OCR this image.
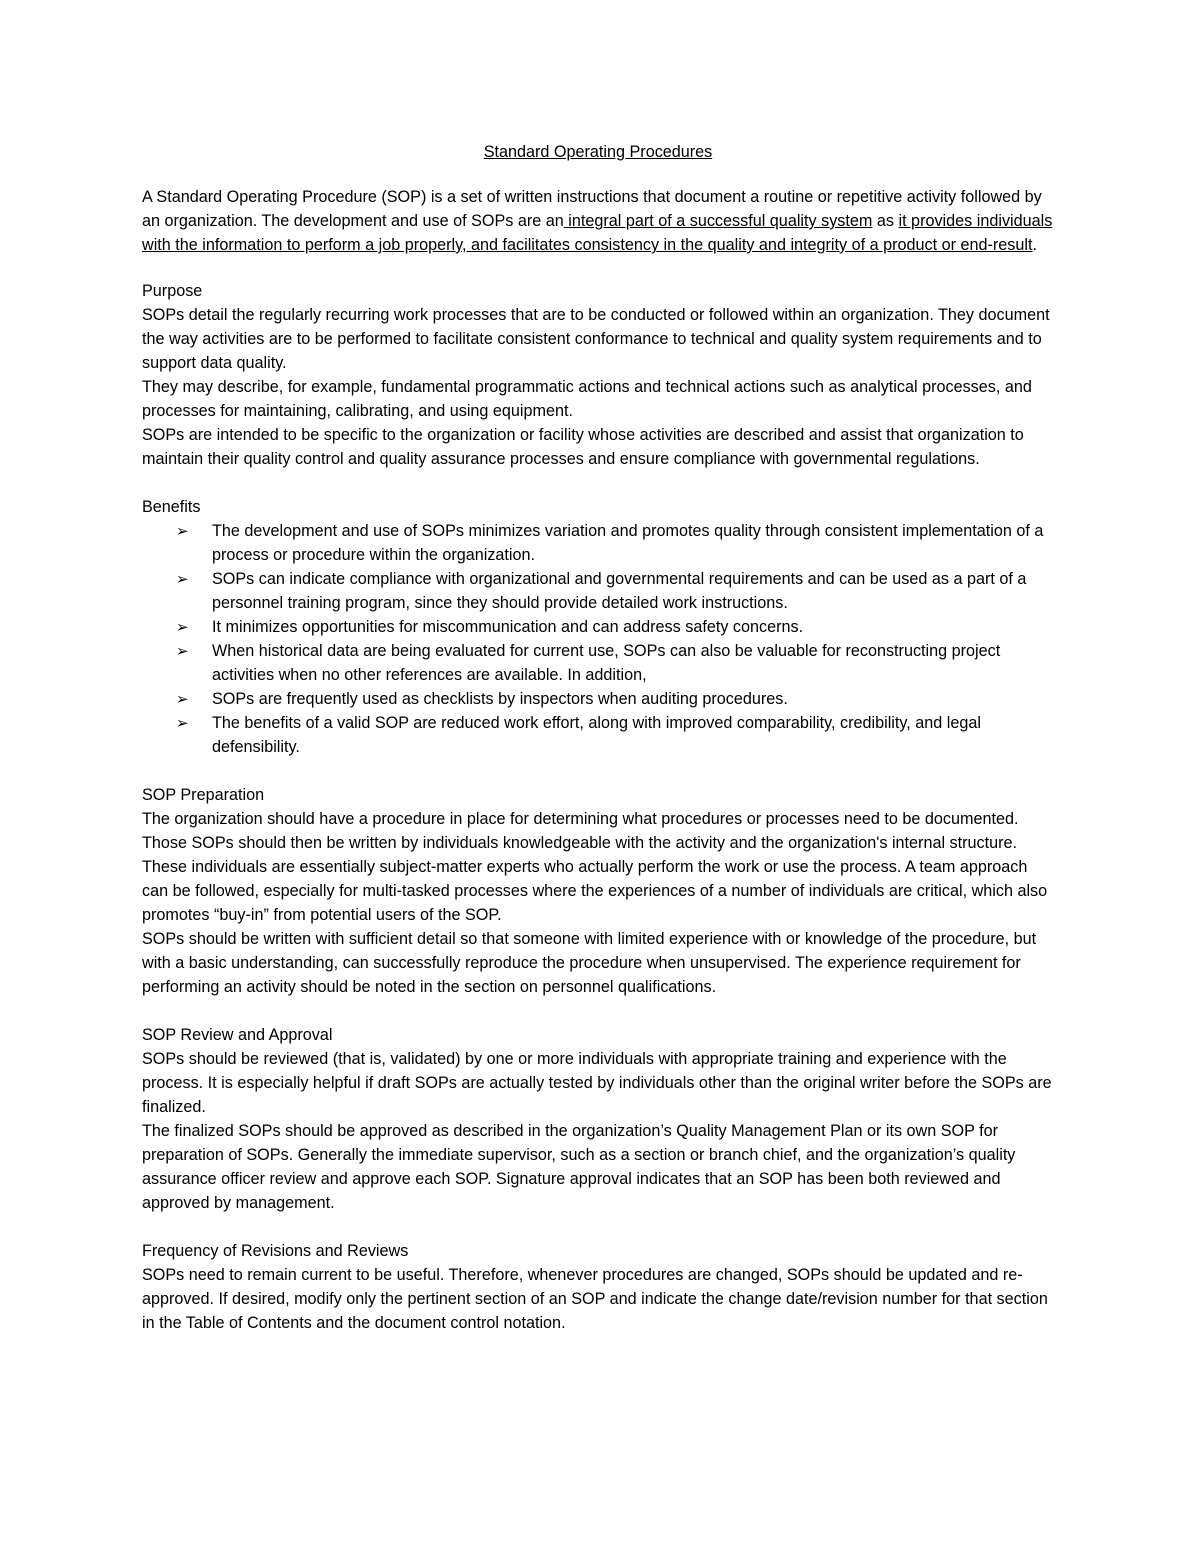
Standard Operating Procedures

A Standard Operating Procedure (SOP) is a set of written instructions that document a routine or repetitive activity followed by an organization. The development and use of SOPs are an integral part of a successful quality system as it provides individuals with the information to perform a job properly, and facilitates consistency in the quality and integrity of a product or end-result.

Purpose

SOPs detail the regularly recurring work processes that are to be conducted or followed within an organization. They document the way activities are to be performed to facilitate consistent conformance to technical and quality system requirements and to support data quality.

They may describe, for example, fundamental programmatic actions and technical actions such as analytical processes, and processes for maintaining, calibrating, and using equipment.

SOPs are intended to be specific to the organization or facility whose activities are described and assist that organization to maintain their quality control and quality assurance processes and ensure compliance with governmental regulations.

Benefits
➢ The development and use of SOPs minimizes variation and promotes quality through consistent implementation of a process or procedure within the organization.
➢ SOPs can indicate compliance with organizational and governmental requirements and can be used as a part of a personnel training program, since they should provide detailed work instructions.
➢ It minimizes opportunities for miscommunication and can address safety concerns.
➢ When historical data are being evaluated for current use, SOPs can also be valuable for reconstructing project activities when no other references are available. In addition,
➢ SOPs are frequently used as checklists by inspectors when auditing procedures.
➢ The benefits of a valid SOP are reduced work effort, along with improved comparability, credibility, and legal defensibility.
SOP Preparation

The organization should have a procedure in place for determining what procedures or processes need to be documented. Those SOPs should then be written by individuals knowledgeable with the activity and the organization's internal structure. These individuals are essentially subject-matter experts who actually perform the work or use the process. A team approach can be followed, especially for multi-tasked processes where the experiences of a number of individuals are critical, which also promotes “buy-in” from potential users of the SOP.

SOPs should be written with sufficient detail so that someone with limited experience with or knowledge of the procedure, but with a basic understanding, can successfully reproduce the procedure when unsupervised. The experience requirement for performing an activity should be noted in the section on personnel qualifications.

SOP Review and Approval

SOPs should be reviewed (that is, validated) by one or more individuals with appropriate training and experience with the process. It is especially helpful if draft SOPs are actually tested by individuals other than the original writer before the SOPs are finalized.

The finalized SOPs should be approved as described in the organization’s Quality Management Plan or its own SOP for preparation of SOPs. Generally the immediate supervisor, such as a section or branch chief, and the organization’s quality assurance officer review and approve each SOP. Signature approval indicates that an SOP has been both reviewed and approved by management.

Frequency of Revisions and Reviews

SOPs need to remain current to be useful. Therefore, whenever procedures are changed, SOPs should be updated and re-approved. If desired, modify only the pertinent section of an SOP and indicate the change date/revision number for that section in the Table of Contents and the document control notation.
